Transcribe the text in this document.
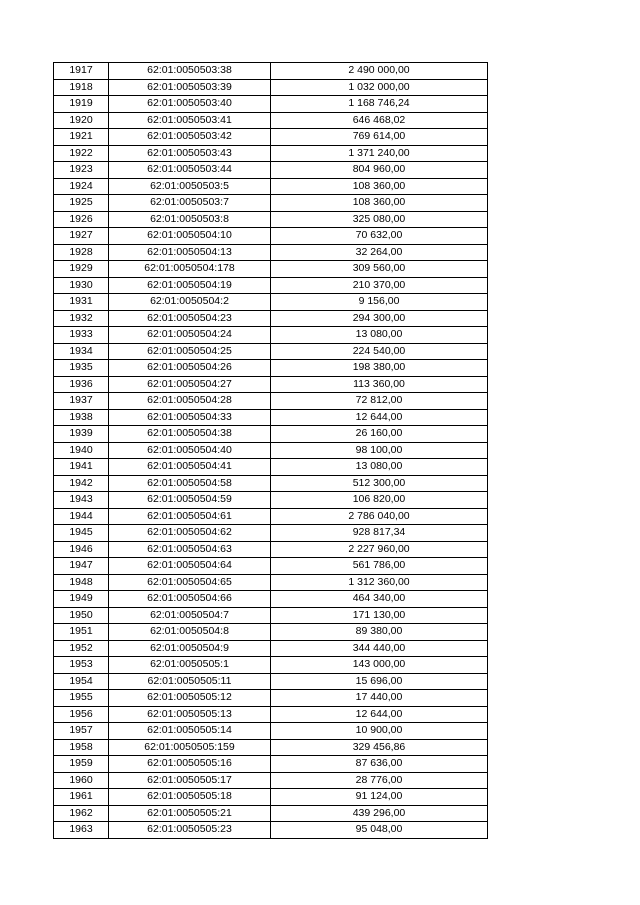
1917	62:01:0050503:38	2 490 000,00
1918	62:01:0050503:39	1 032 000,00
1919	62:01:0050503:40	1 168 746,24
1920	62:01:0050503:41	646 468,02
1921	62:01:0050503:42	769 614,00
1922	62:01:0050503:43	1 371 240,00
1923	62:01:0050503:44	804 960,00
1924	62:01:0050503:5	108 360,00
1925	62:01:0050503:7	108 360,00
1926	62:01:0050503:8	325 080,00
1927	62:01:0050504:10	70 632,00
1928	62:01:0050504:13	32 264,00
1929	62:01:0050504:178	309 560,00
1930	62:01:0050504:19	210 370,00
1931	62:01:0050504:2	9 156,00
1932	62:01:0050504:23	294 300,00
1933	62:01:0050504:24	13 080,00
1934	62:01:0050504:25	224 540,00
1935	62:01:0050504:26	198 380,00
1936	62:01:0050504:27	113 360,00
1937	62:01:0050504:28	72 812,00
1938	62:01:0050504:33	12 644,00
1939	62:01:0050504:38	26 160,00
1940	62:01:0050504:40	98 100,00
1941	62:01:0050504:41	13 080,00
1942	62:01:0050504:58	512 300,00
1943	62:01:0050504:59	106 820,00
1944	62:01:0050504:61	2 786 040,00
1945	62:01:0050504:62	928 817,34
1946	62:01:0050504:63	2 227 960,00
1947	62:01:0050504:64	561 786,00
1948	62:01:0050504:65	1 312 360,00
1949	62:01:0050504:66	464 340,00
1950	62:01:0050504:7	171 130,00
1951	62:01:0050504:8	89 380,00
1952	62:01:0050504:9	344 440,00
1953	62:01:0050505:1	143 000,00
1954	62:01:0050505:11	15 696,00
1955	62:01:0050505:12	17 440,00
1956	62:01:0050505:13	12 644,00
1957	62:01:0050505:14	10 900,00
1958	62:01:0050505:159	329 456,86
1959	62:01:0050505:16	87 636,00
1960	62:01:0050505:17	28 776,00
1961	62:01:0050505:18	91 124,00
1962	62:01:0050505:21	439 296,00
1963	62:01:0050505:23	95 048,00
